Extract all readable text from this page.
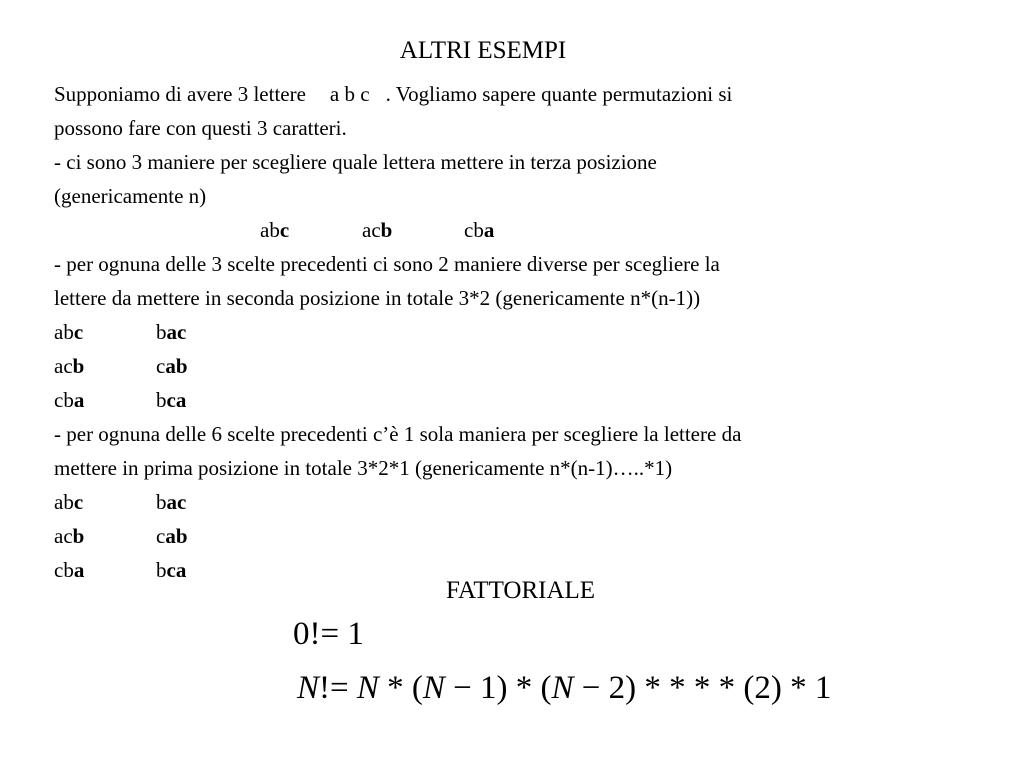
ALTRI ESEMPI
Supponiamo di avere 3 lettere a b c . Vogliamo sapere quante permutazioni si
possono fare con questi 3 caratteri.
- ci sono 3 maniere per scegliere quale lettera mettere in terza posizione
(genericamente n)
abc	acb	cba
- per ognuna delle 3 scelte precedenti ci sono 2 maniere diverse per scegliere la
lettere da mettere in seconda posizione in totale 3*2 (genericamente n*(n-1))
abc	bac
acb	cab
cba	bca
- per ognuna delle 6 scelte precedenti c’è 1 sola maniera per scegliere la lettere da
mettere in prima posizione in totale 3*2*1 (genericamente n*(n-1)…..*1)
abc	bac
acb	cab
cba	bca
FATTORIALE
0!= 1
N!= N * (N − 1) * (N − 2) * * * * (2) * 1
